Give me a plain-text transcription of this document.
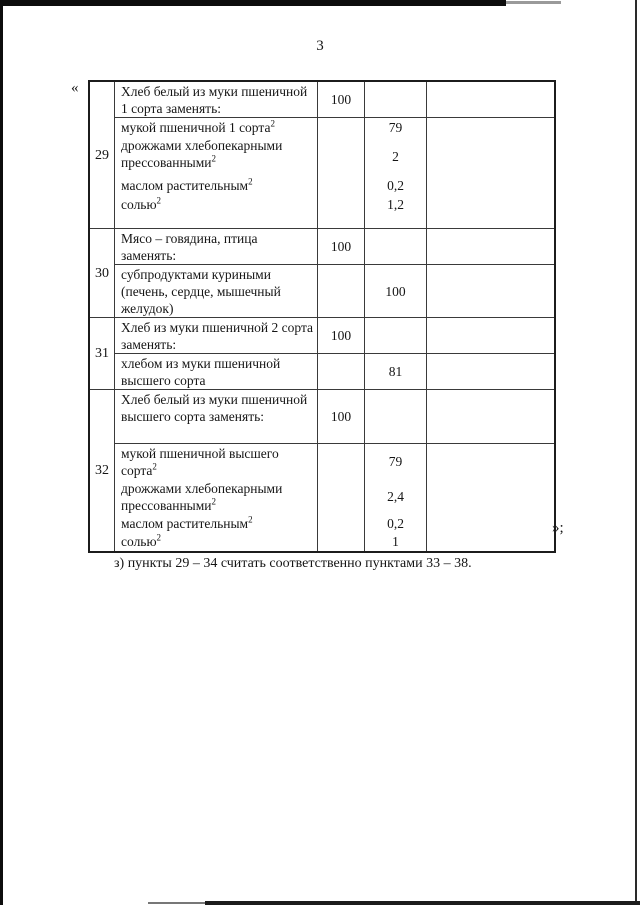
3
«
29	Хлеб белый из муки пшеничной 1 сорта заменять:	100		
	мукой пшеничной 1 сорта$^2$		79	
	дрожжами хлебопекарными прессованными$^2$		2	
	маслом растительным$^2$		0,2	
	солью$^2$		1,2	
30	Мясо – говядина, птица заменять:	100		
	субпродуктами куриными (печень, сердце, мышечный желудок)		100	
31	Хлеб из муки пшеничной 2 сорта заменять:	100		
	хлебом из муки пшеничной высшего сорта		81	
32	Хлеб белый из муки пшеничной высшего сорта заменять:	100		
	мукой пшеничной высшего сорта$^2$		79	
	дрожжами хлебопекарными прессованными$^2$		2,4	
	маслом растительным$^2$		0,2	
	солью$^2$		1	
»;
з) пункты 29 – 34 считать соответственно пунктами 33 – 38.
